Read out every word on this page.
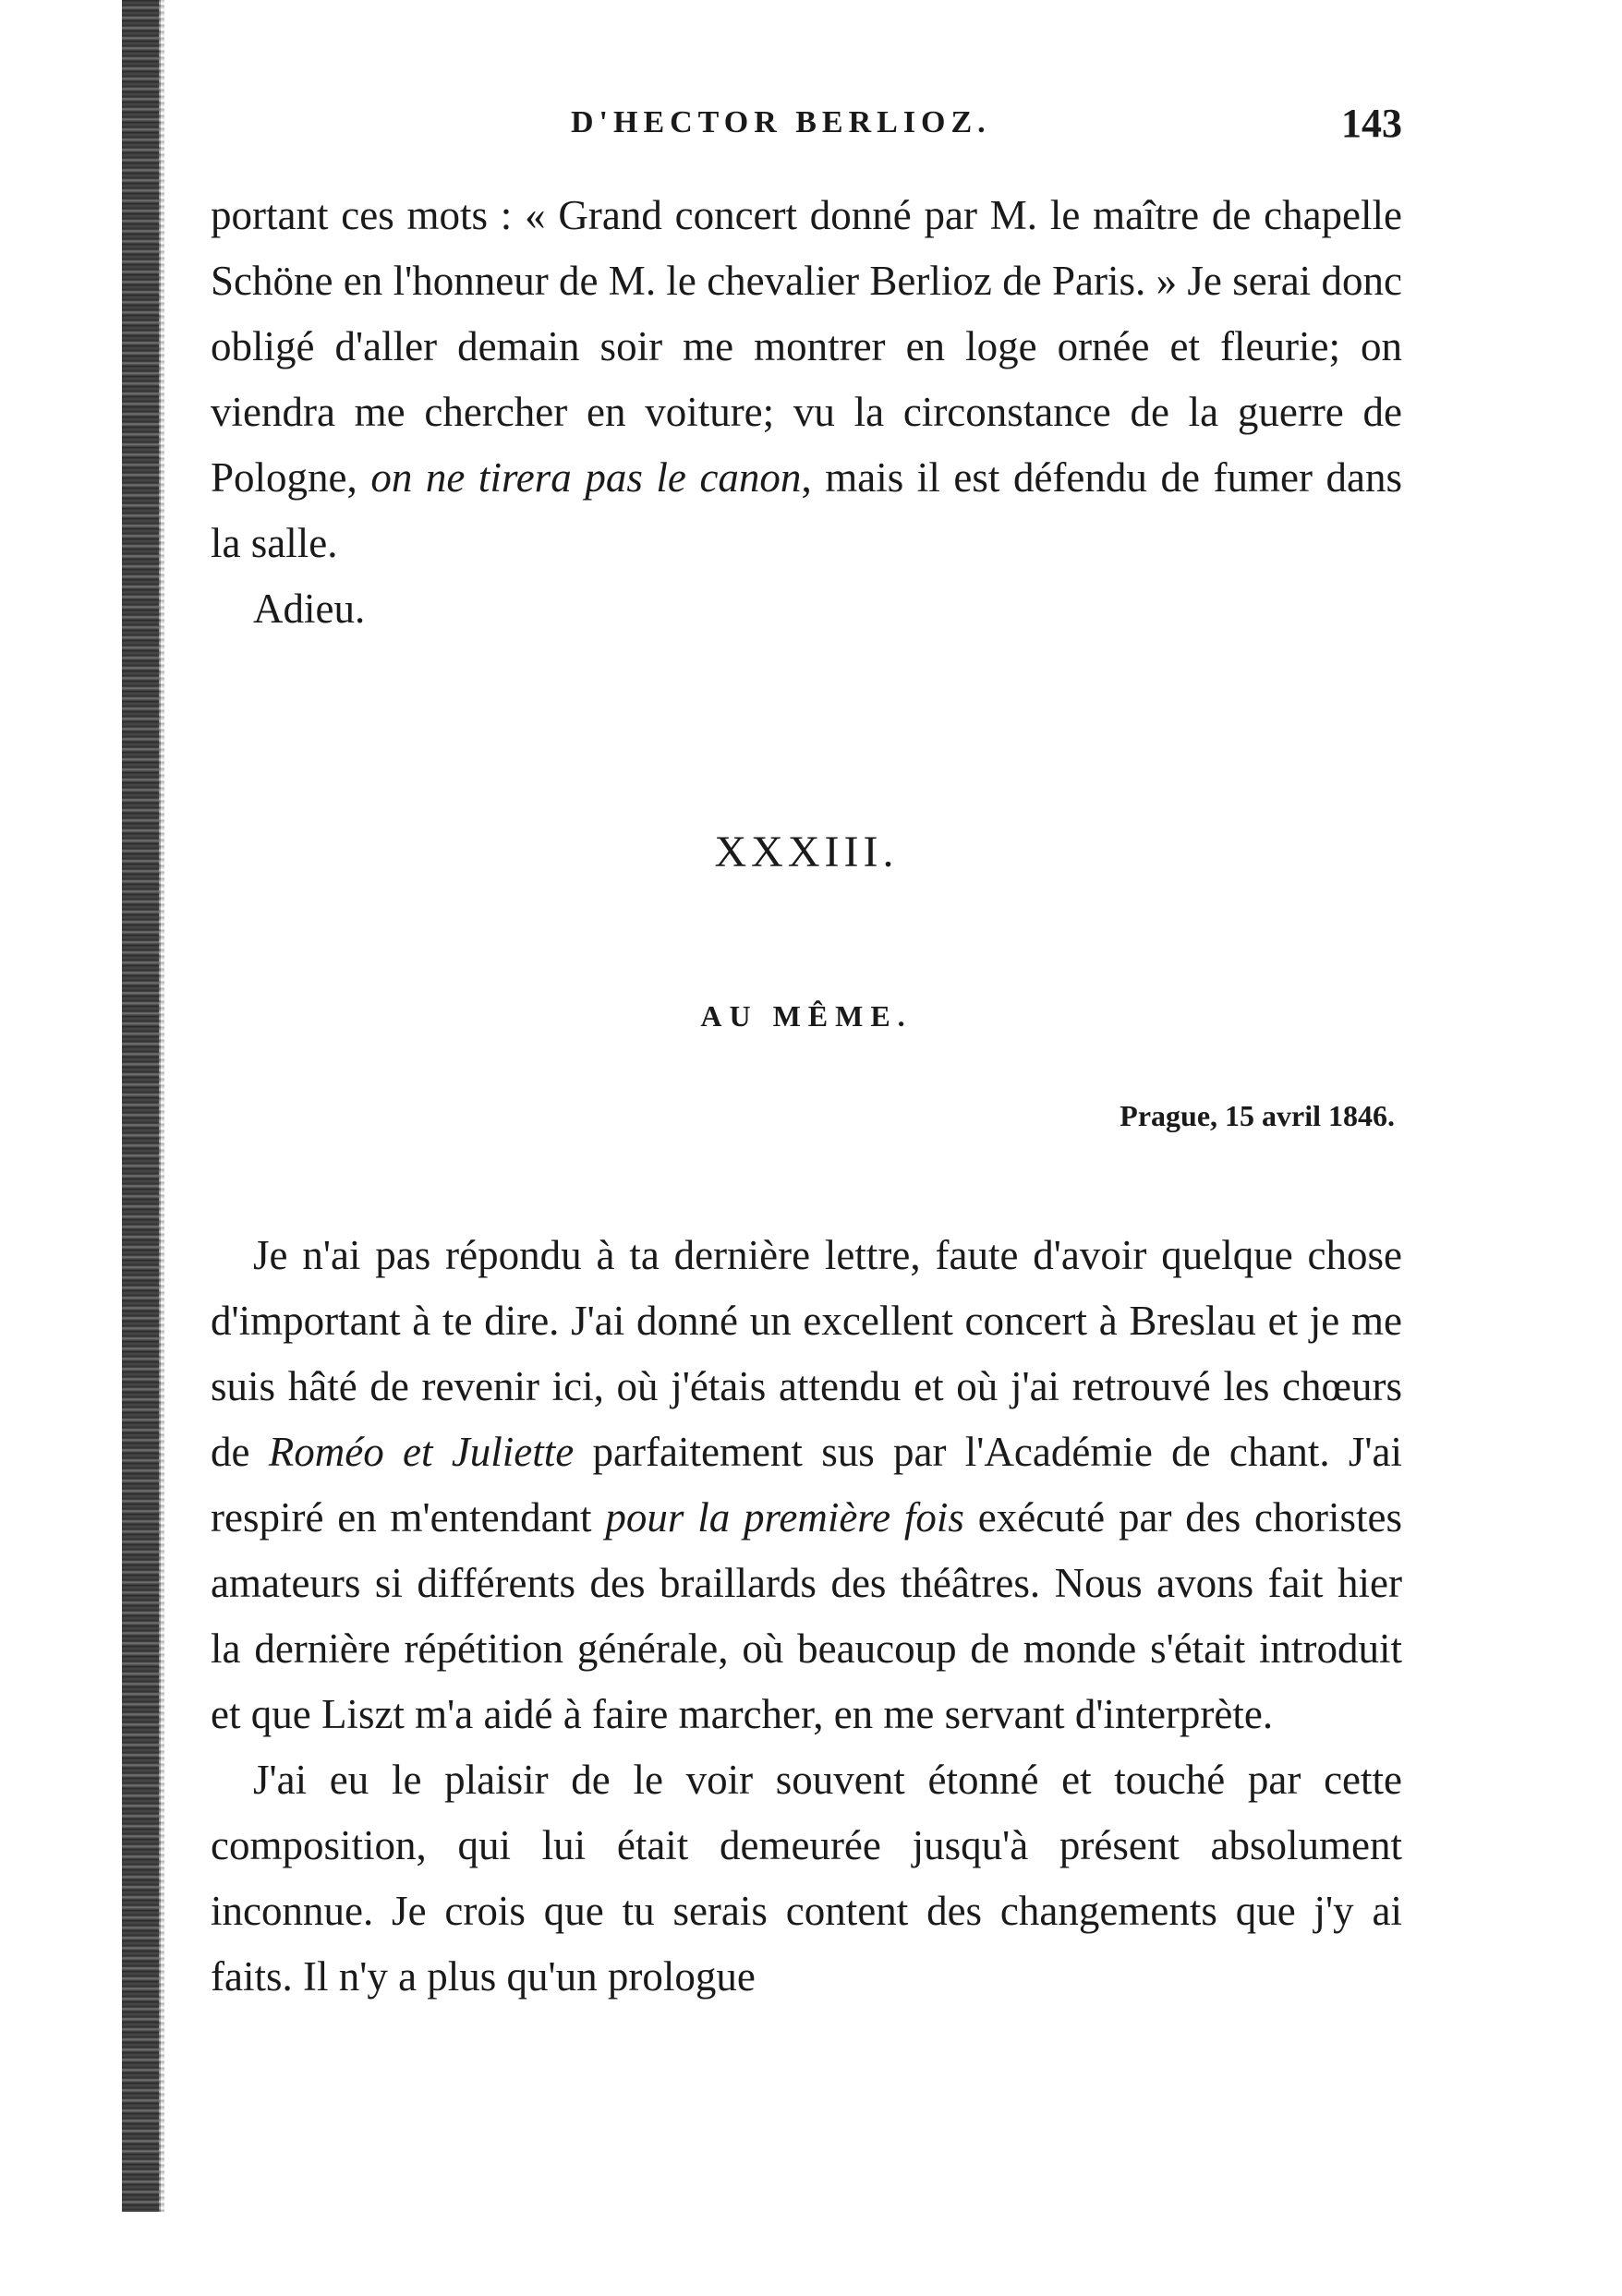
D'HECTOR BERLIOZ.	143

portant ces mots : « Grand concert donné par M. le maître de chapelle Schöne en l'honneur de M. le chevalier Berlioz de Paris. » Je serai donc obligé d'aller demain soir me montrer en loge ornée et fleurie; on viendra me chercher en voiture; vu la circonstance de la guerre de Pologne, on ne tirera pas le canon, mais il est défendu de fumer dans la salle.

Adieu.

XXXIII.
AU MÊME.
Prague, 15 avril 1846.

Je n'ai pas répondu à ta dernière lettre, faute d'avoir quelque chose d'important à te dire. J'ai donné un excellent concert à Breslau et je me suis hâté de revenir ici, où j'étais attendu et où j'ai retrouvé les chœurs de Roméo et Juliette parfaitement sus par l'Académie de chant. J'ai respiré en m'entendant pour la première fois exécuté par des choristes amateurs si différents des braillards des théâtres. Nous avons fait hier la dernière répétition générale, où beaucoup de monde s'était introduit et que Liszt m'a aidé à faire marcher, en me servant d'interprète.

J'ai eu le plaisir de le voir souvent étonné et touché par cette composition, qui lui était demeurée jusqu'à présent absolument inconnue. Je crois que tu serais content des changements que j'y ai faits. Il n'y a plus qu'un prologue
